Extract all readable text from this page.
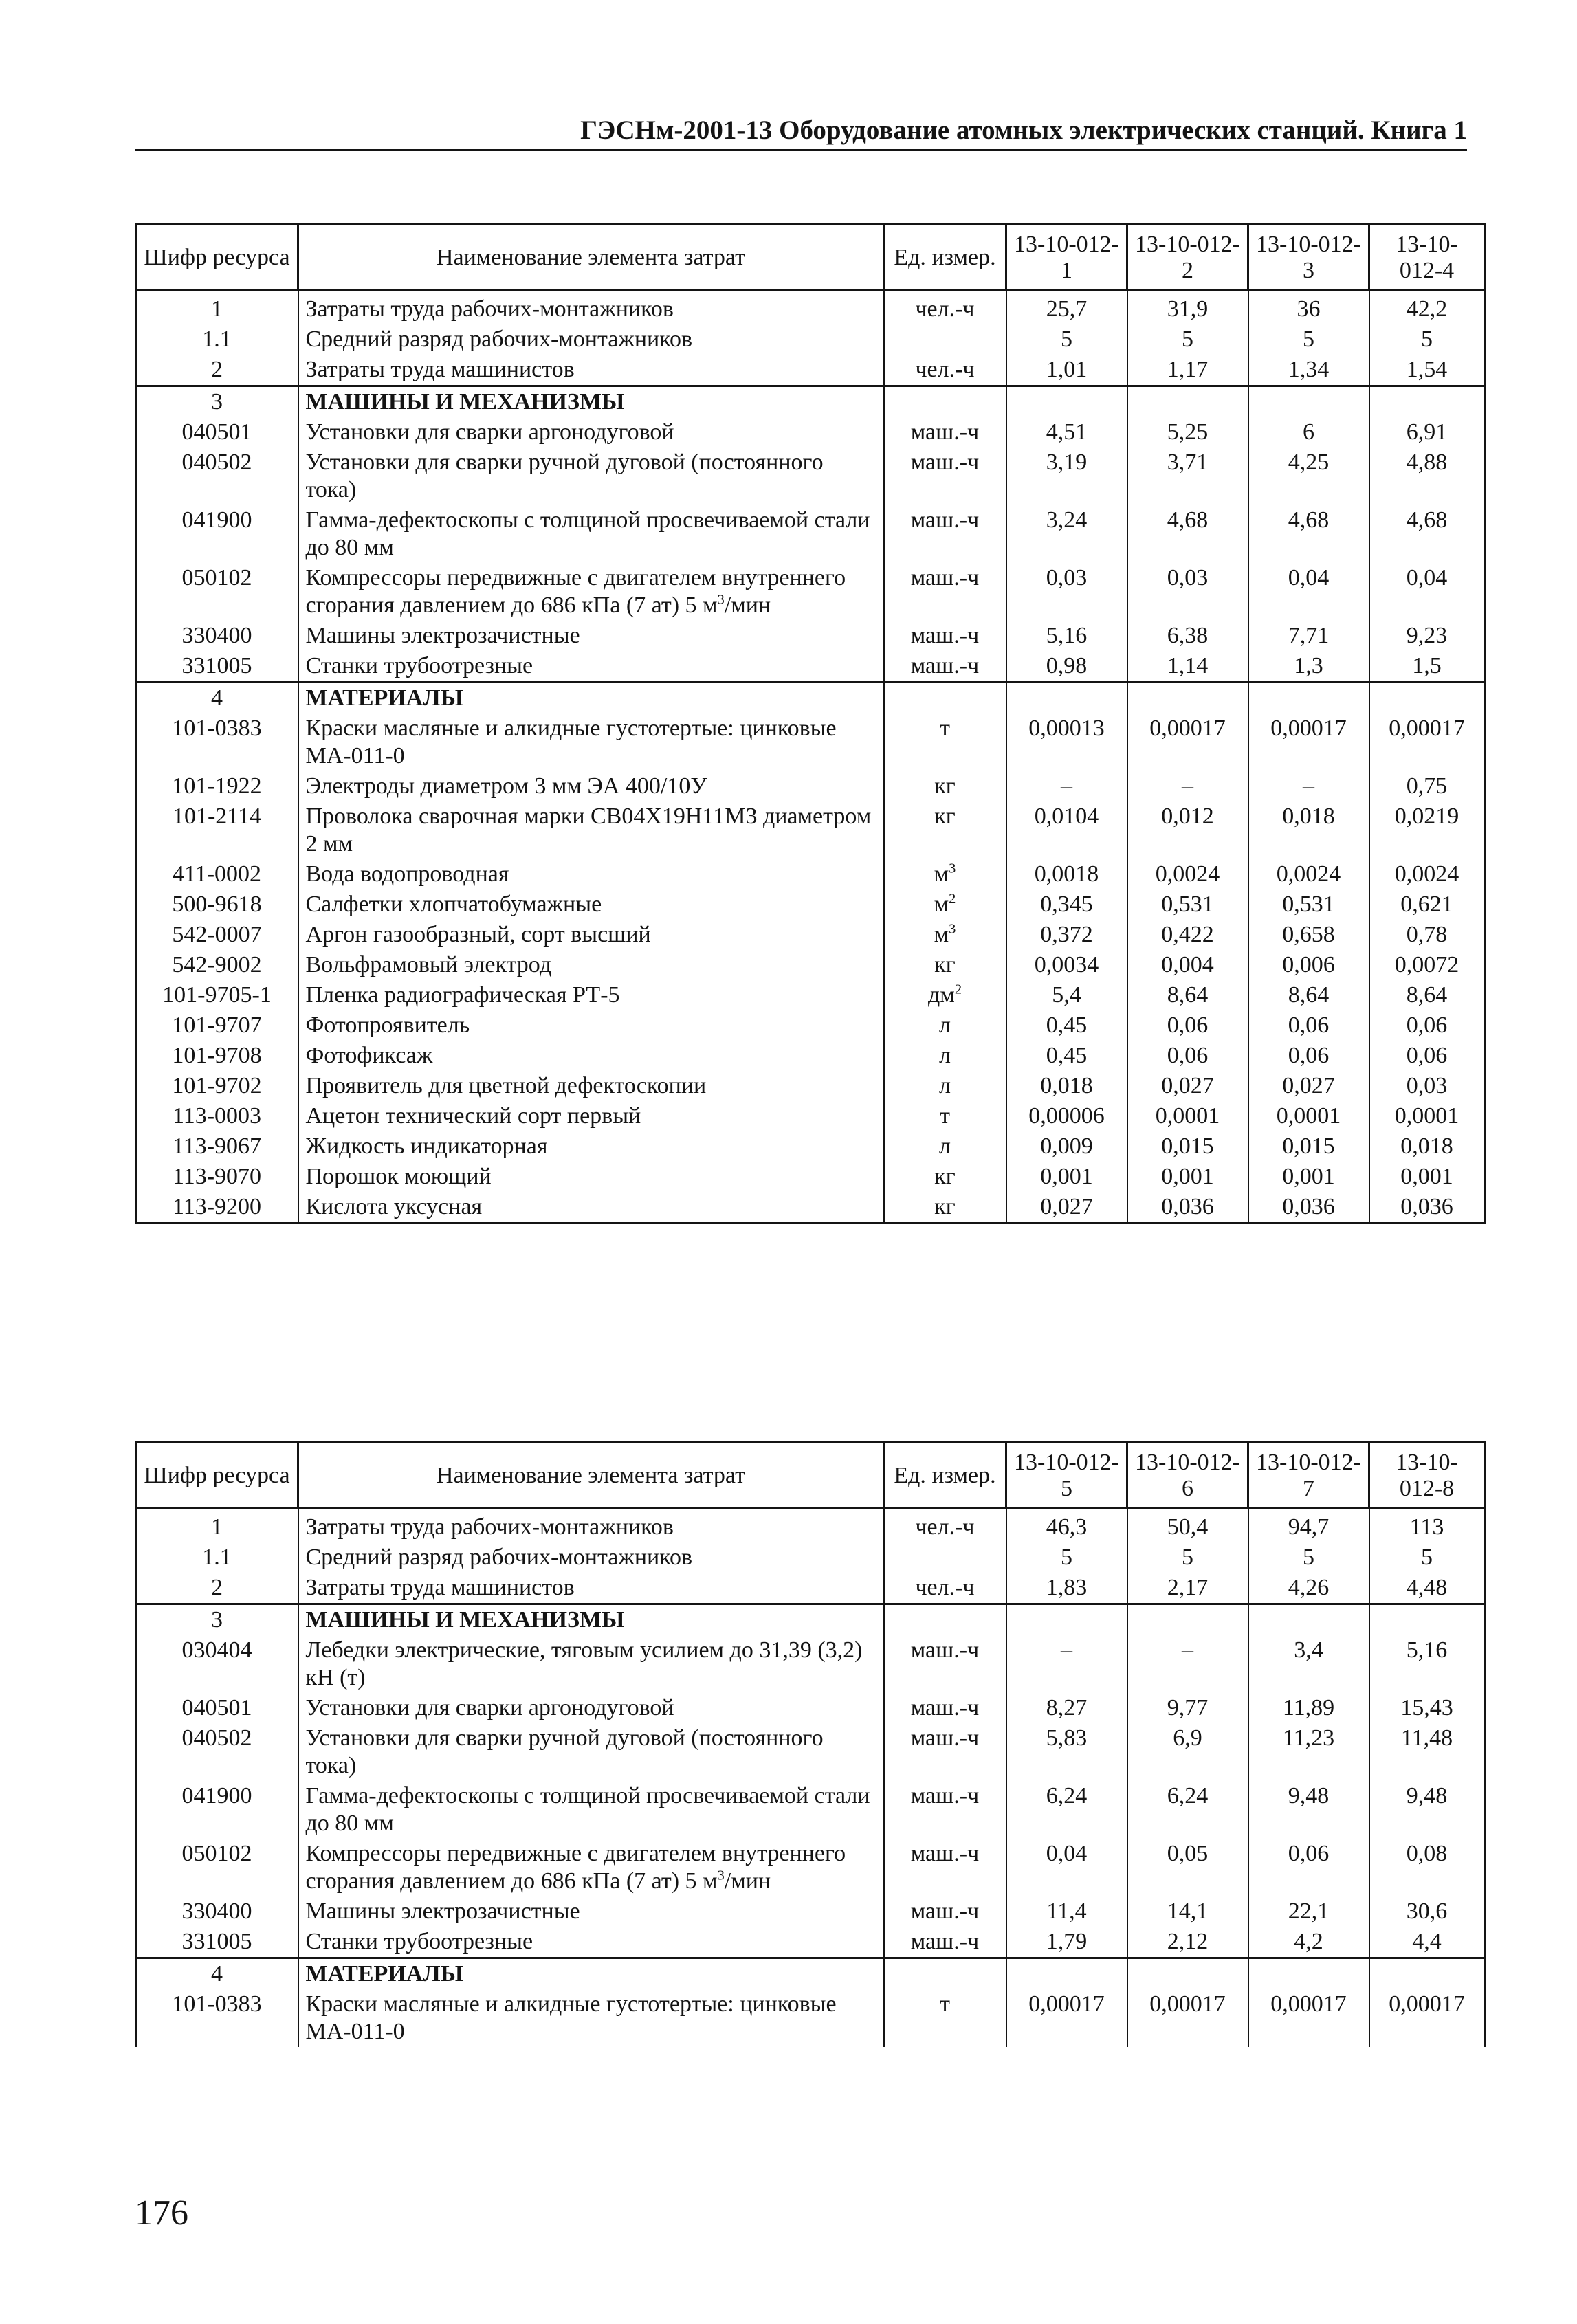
ГЭСНм-2001-13 Оборудование атомных электрических станций. Книга 1
Шифр ресурса	Наименование элемента затрат	Ед. измер.	13-10-012-1	13-10-012-2	13-10-012-3	13-10-012-4
1	Затраты труда рабочих-монтажников	чел.-ч	25,7	31,9	36	42,2
1.1	Средний разряд рабочих-монтажников		5	5	5	5
2	Затраты труда машинистов	чел.-ч	1,01	1,17	1,34	1,54
3	МАШИНЫ И МЕХАНИЗМЫ					
040501	Установки для сварки аргонодуговой	маш.-ч	4,51	5,25	6	6,91
040502	Установки для сварки ручной дуговой (постоянного тока)	маш.-ч	3,19	3,71	4,25	4,88
041900	Гамма-дефектоскопы с толщиной просвечиваемой стали до 80 мм	маш.-ч	3,24	4,68	4,68	4,68
050102	Компрессоры передвижные с двигателем внутреннего сгорания давлением до 686 кПа (7 ат) 5 $м^3$/мин	маш.-ч	0,03	0,03	0,04	0,04
330400	Машины электрозачистные	маш.-ч	5,16	6,38	7,71	9,23
331005	Станки трубоотрезные	маш.-ч	0,98	1,14	1,3	1,5
4	МАТЕРИАЛЫ					
101-0383	Краски масляные и алкидные густотертые: цинковые МА-011-0	т	0,00013	0,00017	0,00017	0,00017
101-1922	Электроды диаметром 3 мм ЭА 400/10У	кг	–	–	–	0,75
101-2114	Проволока сварочная марки СВ04Х19Н11М3 диаметром 2 мм	кг	0,0104	0,012	0,018	0,0219
411-0002	Вода водопроводная	$м^3$	0,0018	0,0024	0,0024	0,0024
500-9618	Салфетки хлопчатобумажные	$м^2$	0,345	0,531	0,531	0,621
542-0007	Аргон газообразный, сорт высший	$м^3$	0,372	0,422	0,658	0,78
542-9002	Вольфрамовый электрод	кг	0,0034	0,004	0,006	0,0072
101-9705-1	Пленка радиографическая РТ-5	$дм^2$	5,4	8,64	8,64	8,64
101-9707	Фотопроявитель	л	0,45	0,06	0,06	0,06
101-9708	Фотофиксаж	л	0,45	0,06	0,06	0,06
101-9702	Проявитель для цветной дефектоскопии	л	0,018	0,027	0,027	0,03
113-0003	Ацетон технический сорт первый	т	0,00006	0,0001	0,0001	0,0001
113-9067	Жидкость индикаторная	л	0,009	0,015	0,015	0,018
113-9070	Порошок моющий	кг	0,001	0,001	0,001	0,001
113-9200	Кислота уксусная	кг	0,027	0,036	0,036	0,036
Шифр ресурса	Наименование элемента затрат	Ед. измер.	13-10-012-5	13-10-012-6	13-10-012-7	13-10-012-8
1	Затраты труда рабочих-монтажников	чел.-ч	46,3	50,4	94,7	113
1.1	Средний разряд рабочих-монтажников		5	5	5	5
2	Затраты труда машинистов	чел.-ч	1,83	2,17	4,26	4,48
3	МАШИНЫ И МЕХАНИЗМЫ					
030404	Лебедки электрические, тяговым усилием до 31,39 (3,2) кН (т)	маш.-ч	–	–	3,4	5,16
040501	Установки для сварки аргонодуговой	маш.-ч	8,27	9,77	11,89	15,43
040502	Установки для сварки ручной дуговой (постоянного тока)	маш.-ч	5,83	6,9	11,23	11,48
041900	Гамма-дефектоскопы с толщиной просвечиваемой стали до 80 мм	маш.-ч	6,24	6,24	9,48	9,48
050102	Компрессоры передвижные с двигателем внутреннего сгорания давлением до 686 кПа (7 ат) 5 $м^3$/мин	маш.-ч	0,04	0,05	0,06	0,08
330400	Машины электрозачистные	маш.-ч	11,4	14,1	22,1	30,6
331005	Станки трубоотрезные	маш.-ч	1,79	2,12	4,2	4,4
4	МАТЕРИАЛЫ					
101-0383	Краски масляные и алкидные густотертые: цинковые МА-011-0	т	0,00017	0,00017	0,00017	0,00017
176
